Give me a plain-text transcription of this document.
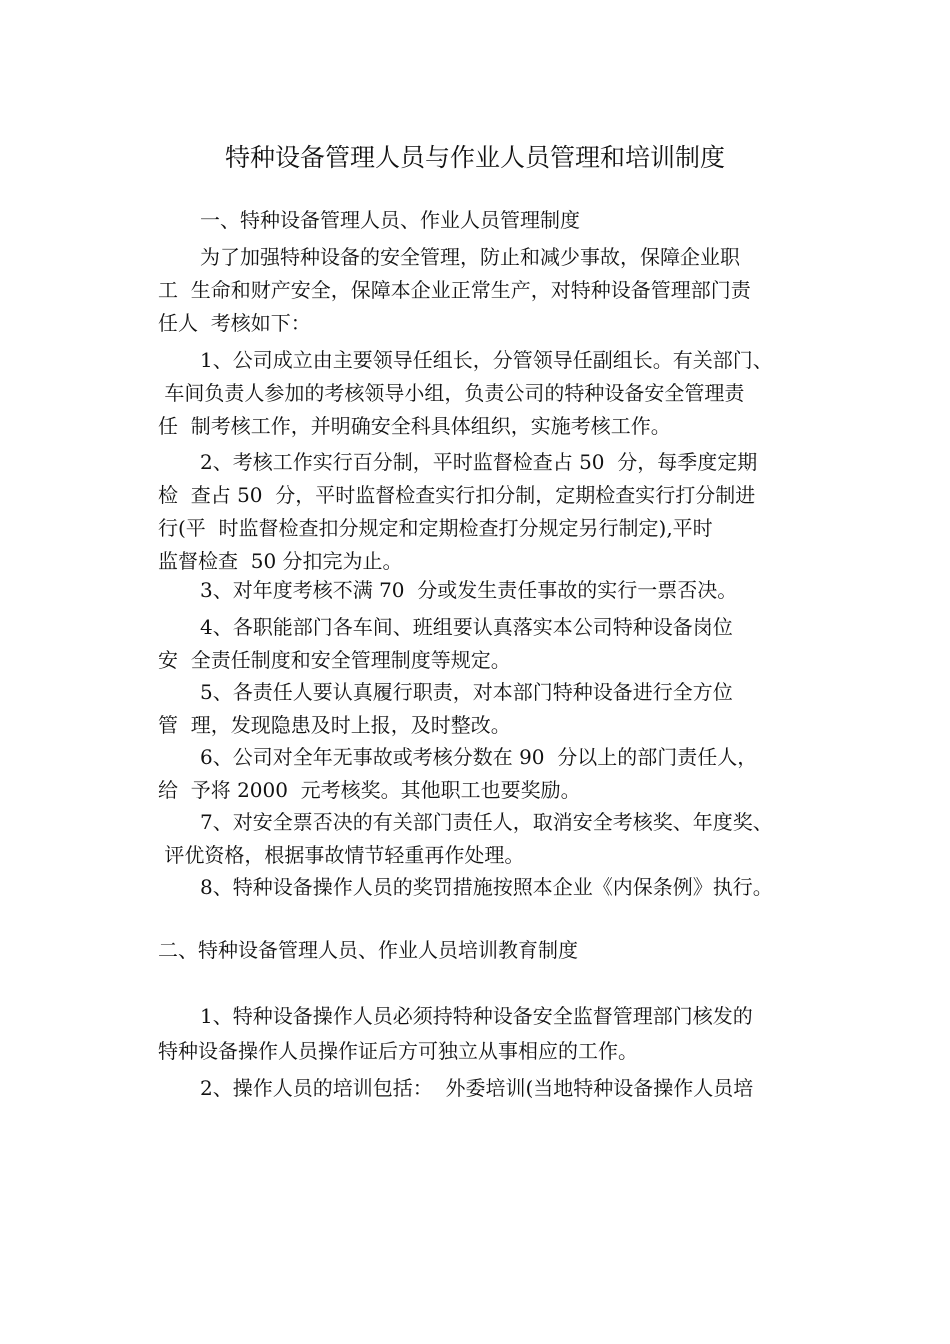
特种设备管理人员与作业人员管理和培训制度

一、特种设备管理人员、作业人员管理制度

为了加强特种设备的安全管理，防止和减少事故，保障企业职

工  生命和财产安全，保障本企业正常生产，对特种设备管理部门责

任人  考核如下：

1、公司成立由主要领导任组长，分管领导任副组长。有关部门、

车间负责人参加的考核领导小组，负责公司的特种设备安全管理责

任  制考核工作，并明确安全科具体组织，实施考核工作。

2、考核工作实行百分制，平时监督检查占 50  分，每季度定期

检  查占 50  分，平时监督检查实行扣分制，定期检查实行打分制进

行(平  时监督检查扣分规定和定期检查打分规定另行制定),平时

监督检查  50 分扣完为止。

3、对年度考核不满 70  分或发生责任事故的实行一票否决。

4、各职能部门各车间、班组要认真落实本公司特种设备岗位

安  全责任制度和安全管理制度等规定。

5、各责任人要认真履行职责，对本部门特种设备进行全方位

管  理，发现隐患及时上报，及时整改。

6、公司对全年无事故或考核分数在 90  分以上的部门责任人，

给  予将 2000  元考核奖。其他职工也要奖励。

7、对安全票否决的有关部门责任人，取消安全考核奖、年度奖、

评优资格，根据事故情节轻重再作处理。

8、特种设备操作人员的奖罚措施按照本企业《内保条例》执行。

二、特种设备管理人员、作业人员培训教育制度

1、特种设备操作人员必须持特种设备安全监督管理部门核发的

特种设备操作人员操作证后方可独立从事相应的工作。

2、操作人员的培训包括：  外委培训(当地特种设备操作人员培
